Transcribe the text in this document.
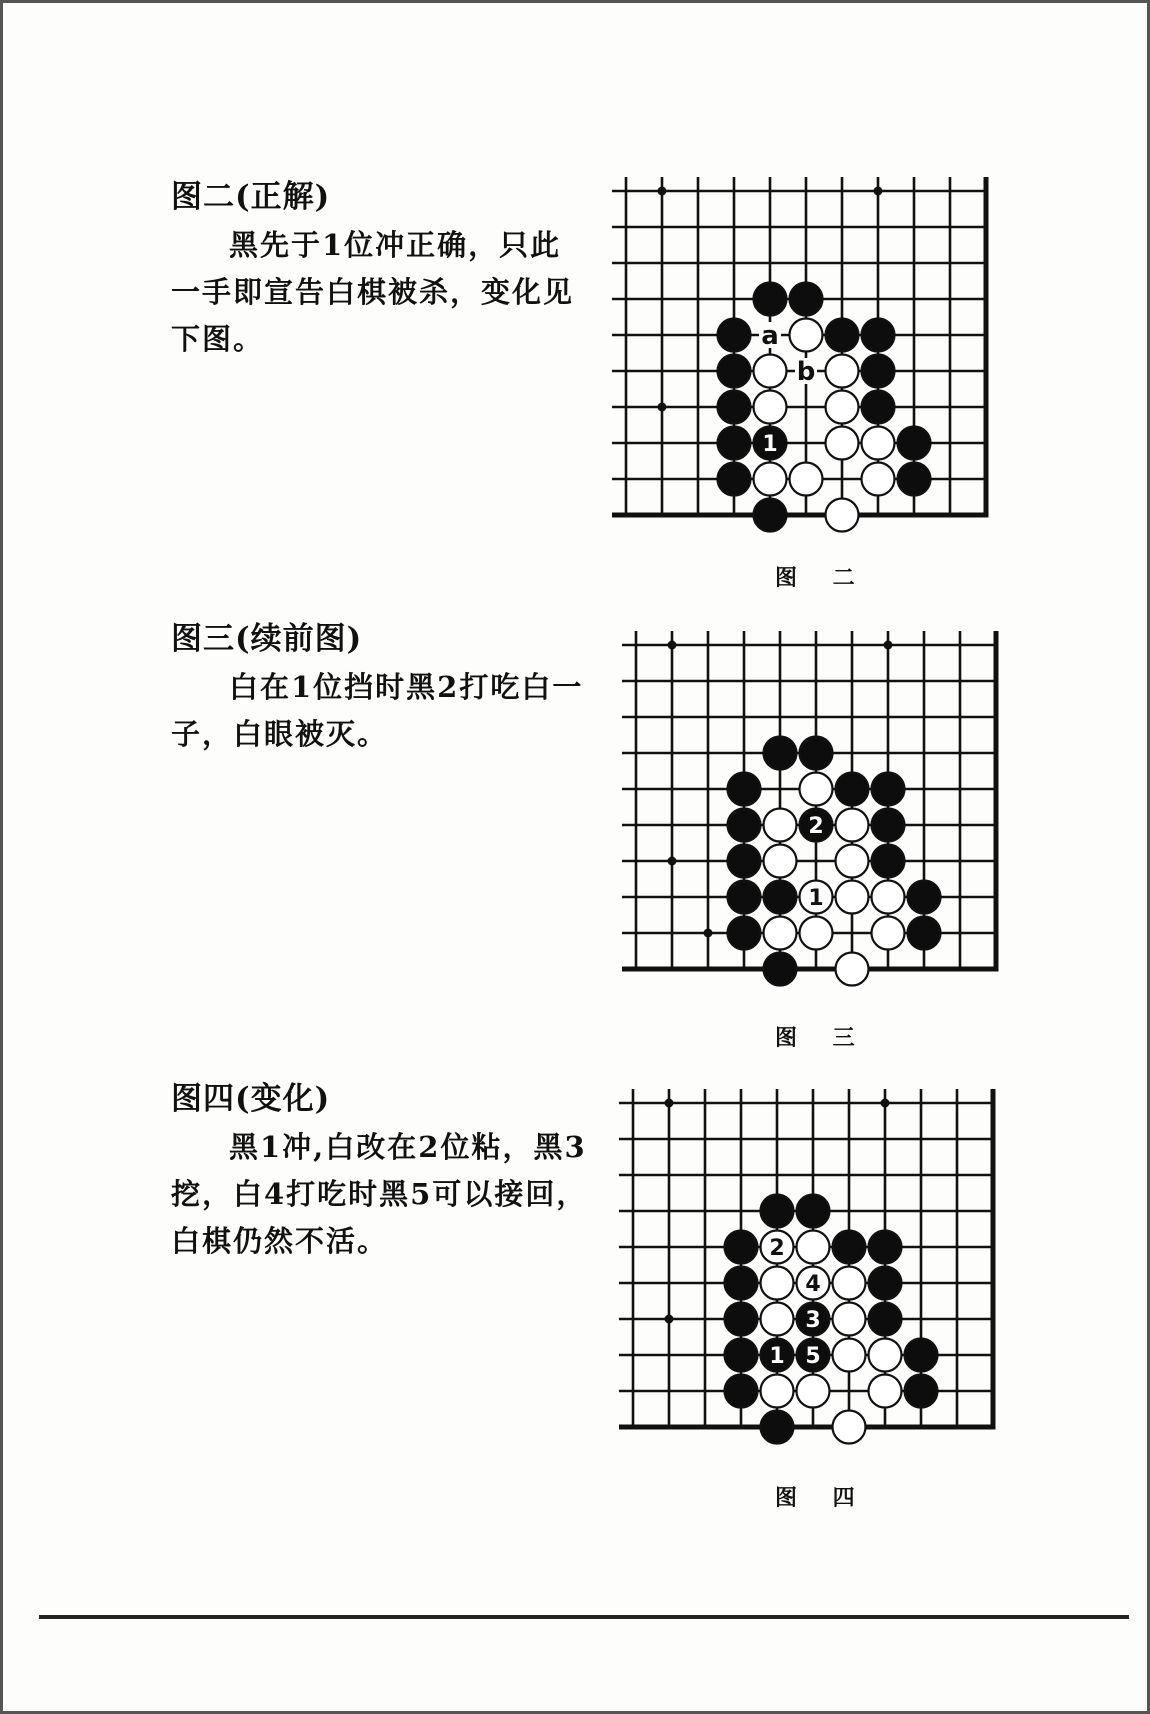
图二(正解)

黑先于1位冲正确，只此一手即宣告白棋被杀，变化见下图。	a
b
1
图 二
图三(续前图)

白在1位挡时黑2打吃白一子，白眼被灭。

2
1
图 三
图四(变化)

黑1冲,白改在2位粘，黑3挖，白4打吃时黑5可以接回，白棋仍然不活。	2
4
3
1 5
图 四
